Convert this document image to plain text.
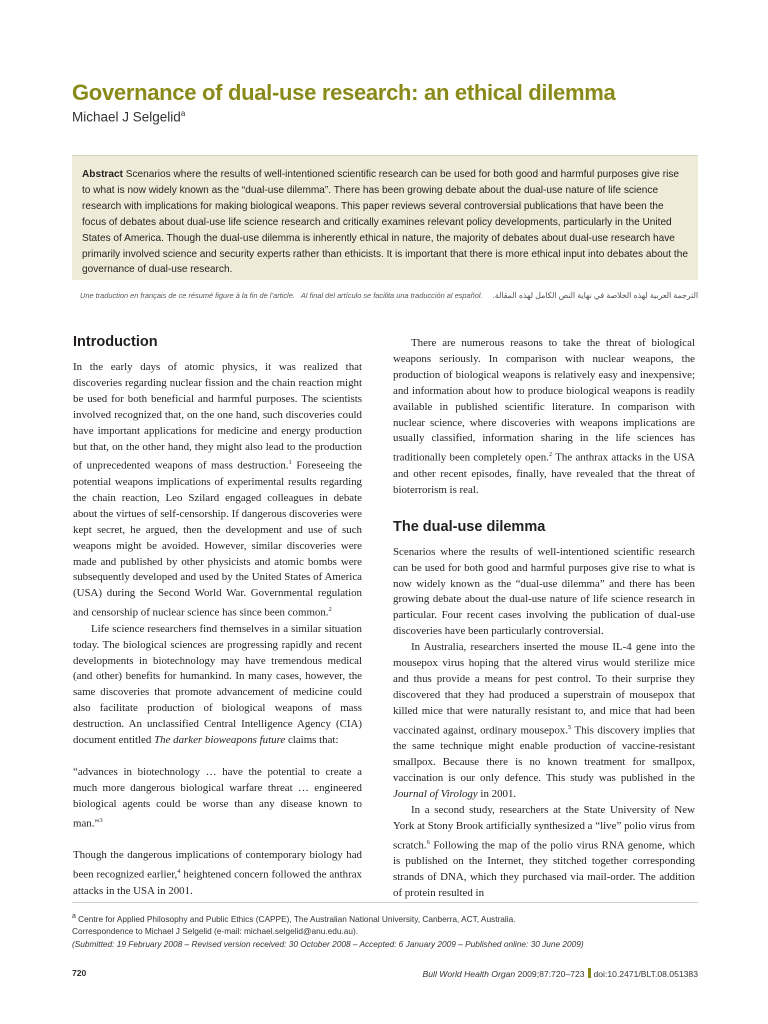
Governance of dual-use research: an ethical dilemma
Michael J Selgelid$^a$
Abstract Scenarios where the results of well-intentioned scientific research can be used for both good and harmful purposes give rise to what is now widely known as the “dual-use dilemma”. There has been growing debate about the dual-use nature of life science research with implications for making biological weapons. This paper reviews several controversial publications that have been the focus of debates about dual-use life science research and critically examines relevant policy developments, particularly in the United States of America. Though the dual-use dilemma is inherently ethical in nature, the majority of debates about dual-use research have primarily involved science and security experts rather than ethicists. It is important that there is more ethical input into debates about the governance of dual-use research.
Une traduction en français de ce résumé figure à la fin de l’article. Al final del artículo se facilita una traducción al español. الترجمة العربية لهذه الخلاصة في نهاية النص الكامل لهذه المقالة.
Introduction

In the early days of atomic physics, it was realized that discoveries regarding nuclear fission and the chain reaction might be used for both beneficial and harmful purposes. The scientists involved recognized that, on the one hand, such discoveries could have important applications for medicine and energy production but that, on the other hand, they might also lead to the production of unprecedented weapons of mass destruction.$^1$ Foreseeing the potential weapons implications of experimental results regarding the chain reaction, Leo Szilard engaged colleagues in debate about the virtues of self-censorship. If dangerous discoveries were kept secret, he argued, then the development and use of such weapons might be avoided. However, similar discoveries were made and published by other physicists and atomic bombs were subsequently developed and used by the United States of America (USA) during the Second World War. Governmental regulation and censorship of nuclear science has since been common.$^2$

Life science researchers find themselves in a similar situation today. The biological sciences are progressing rapidly and recent developments in biotechnology may have tremendous medical (and other) benefits for humankind. In many cases, however, the same discoveries that promote advancement of medicine could also facilitate production of biological weapons of mass destruction. An unclassified Central Intelligence Agency (CIA) document entitled The darker bioweapons future claims that:

“advances in biotechnology … have the potential to create a much more dangerous biological warfare threat … engineered biological agents could be worse than any disease known to man.”$^3$

Though the dangerous implications of contemporary biology had been recognized earlier,$^4$ heightened concern followed the anthrax attacks in the USA in 2001.

There are numerous reasons to take the threat of biological weapons seriously. In comparison with nuclear weapons, the production of biological weapons is relatively easy and inexpensive; and information about how to produce biological weapons is readily available in published scientific literature. In comparison with nuclear science, where discoveries with weapons implications are usually classified, information sharing in the life sciences has traditionally been completely open.$^2$ The anthrax attacks in the USA and other recent episodes, finally, have revealed that the threat of bioterrorism is real.

The dual-use dilemma

Scenarios where the results of well-intentioned scientific research can be used for both good and harmful purposes give rise to what is now widely known as the “dual-use dilemma” and there has been growing debate about the dual-use nature of life science research in particular. Four recent cases involving the publication of dual-use discoveries have been particularly controversial.

In Australia, researchers inserted the mouse IL-4 gene into the mousepox virus hoping that the altered virus would sterilize mice and thus provide a means for pest control. To their surprise they discovered that they had produced a superstrain of mousepox that killed mice that were naturally resistant to, and mice that had been vaccinated against, ordinary mousepox.$^5$ This discovery implies that the same technique might enable production of vaccine-resistant smallpox. Because there is no known treatment for smallpox, vaccination is our only defence. This study was published in the Journal of Virology in 2001.

In a second study, researchers at the State University of New York at Stony Brook artificially synthesized a “live” polio virus from scratch.$^6$ Following the map of the polio virus RNA genome, which is published on the Internet, they stitched together corresponding strands of DNA, which they purchased via mail-order. The addition of protein resulted in

$^a$ Centre for Applied Philosophy and Public Ethics (CAPPE), The Australian National University, Canberra, ACT, Australia.
Correspondence to Michael J Selgelid (e-mail: michael.selgelid@anu.edu.au).
(Submitted: 19 February 2008 – Revised version received: 30 October 2008 – Accepted: 6 January 2009 – Published online: 30 June 2009)
720	Bull World Health Organ 2009;87:720–723 doi:10.2471/BLT.08.051383
